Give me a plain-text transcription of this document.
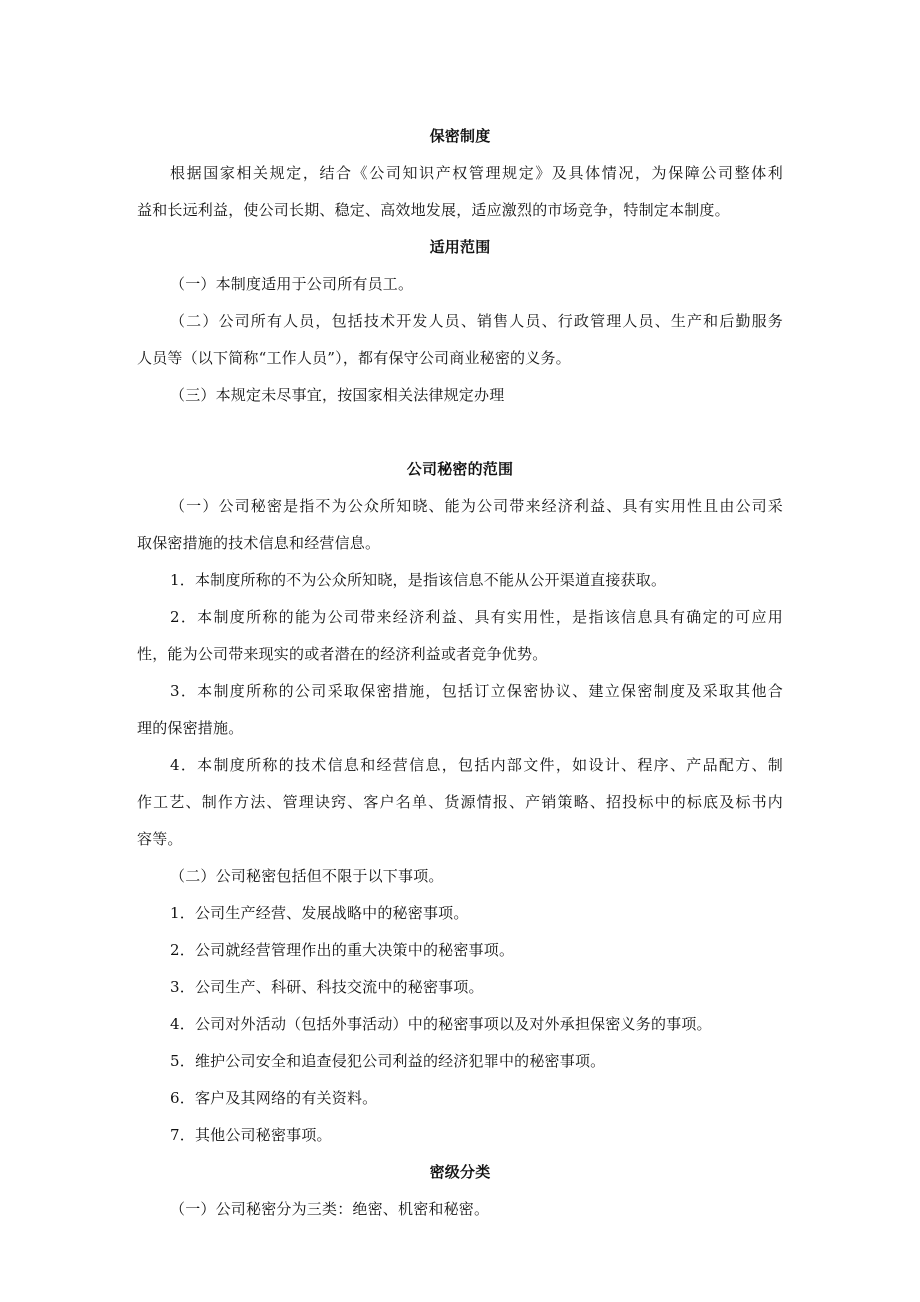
保密制度
根据国家相关规定，结合《公司知识产权管理规定》及具体情况，为保障公司整体利
益和长远利益，使公司长期、稳定、高效地发展，适应激烈的市场竞争，特制定本制度。
适用范围
（一）本制度适用于公司所有员工。
（二）公司所有人员，包括技术开发人员、销售人员、行政管理人员、生产和后勤服务
人员等（以下简称“工作人员”），都有保守公司商业秘密的义务。
（三）本规定未尽事宜，按国家相关法律规定办理
公司秘密的范围
（一）公司秘密是指不为公众所知晓、能为公司带来经济利益、具有实用性且由公司采
取保密措施的技术信息和经营信息。
1．本制度所称的不为公众所知晓，是指该信息不能从公开渠道直接获取。
2．本制度所称的能为公司带来经济利益、具有实用性，是指该信息具有确定的可应用
性，能为公司带来现实的或者潜在的经济利益或者竞争优势。
3．本制度所称的公司采取保密措施，包括订立保密协议、建立保密制度及采取其他合
理的保密措施。
4．本制度所称的技术信息和经营信息，包括内部文件，如设计、程序、产品配方、制
作工艺、制作方法、管理诀窍、客户名单、货源情报、产销策略、招投标中的标底及标书内
容等。
（二）公司秘密包括但不限于以下事项。
1．公司生产经营、发展战略中的秘密事项。
2．公司就经营管理作出的重大决策中的秘密事项。
3．公司生产、科研、科技交流中的秘密事项。
4．公司对外活动（包括外事活动）中的秘密事项以及对外承担保密义务的事项。
5．维护公司安全和追查侵犯公司利益的经济犯罪中的秘密事项。
6．客户及其网络的有关资料。
7．其他公司秘密事项。
密级分类
（一）公司秘密分为三类：绝密、机密和秘密。
